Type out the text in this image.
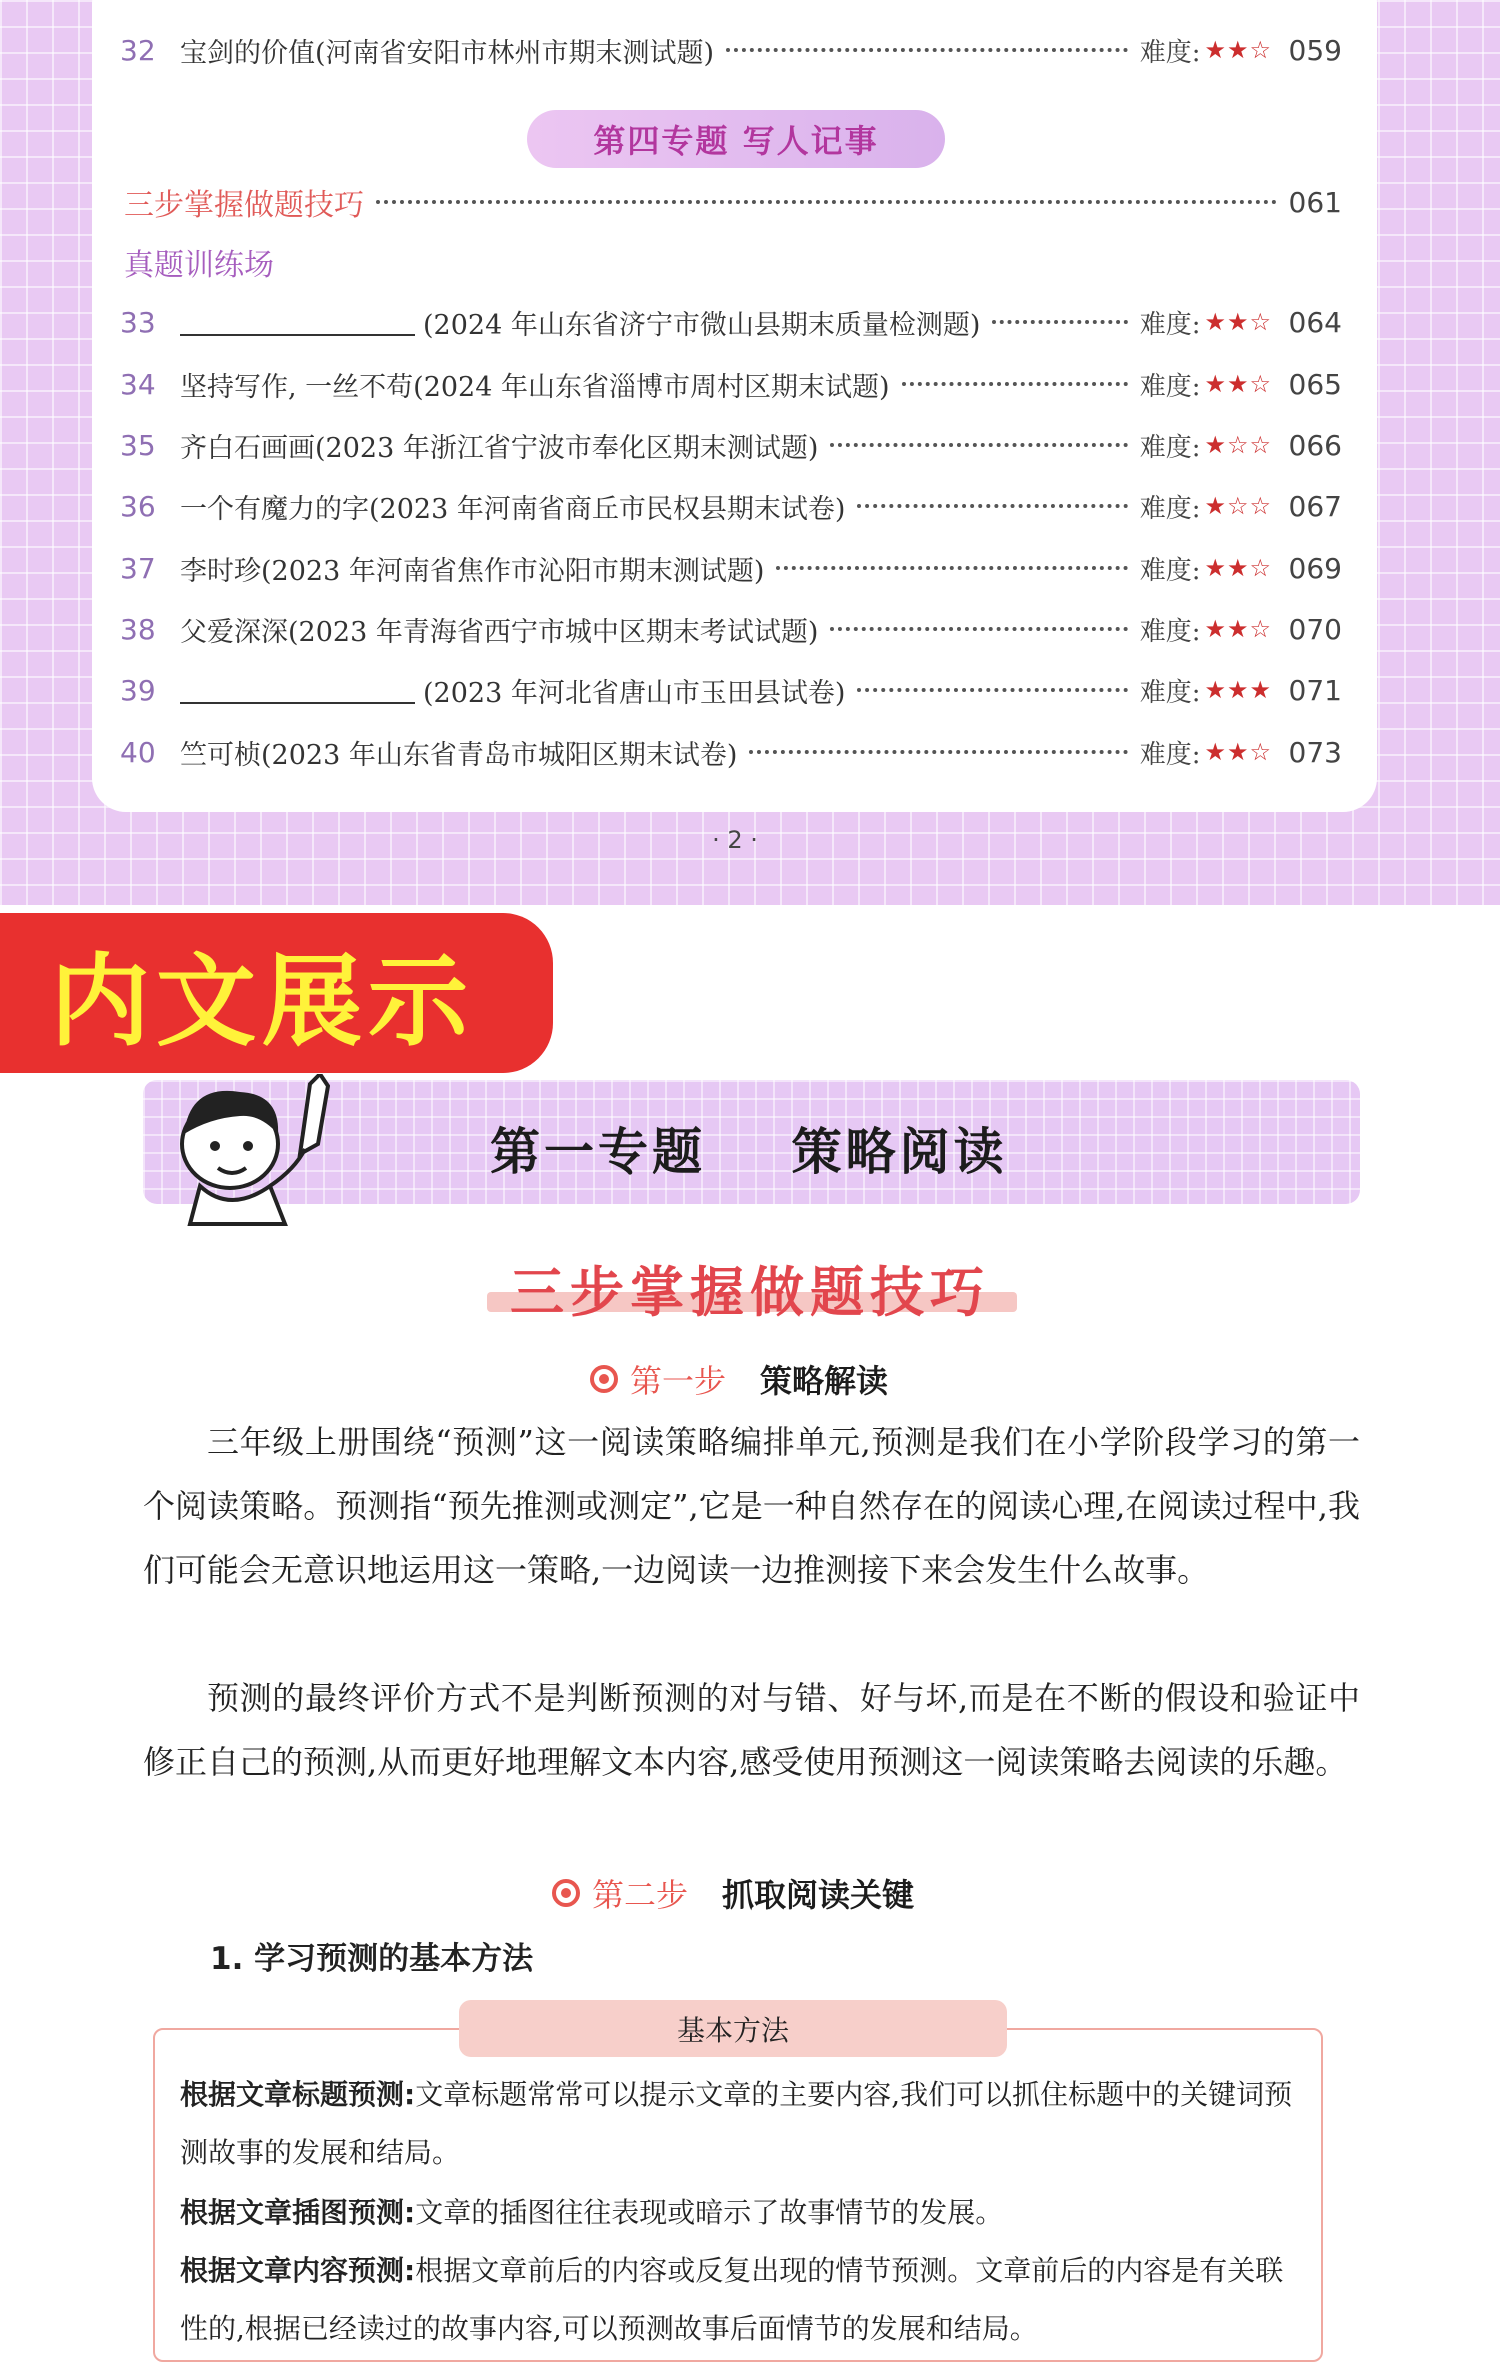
32 宝剑的价值(河南省安阳市林州市期末测试题)	难度: ★★☆ 059
第四专题 写人记事
三步掌握做题技巧	061
真题训练场
33	(2024 年山东省济宁市微山县期末质量检测题)	难度: ★★☆ 064
34 坚持写作, 一丝不苟(2024 年山东省淄博市周村区期末试题)	难度: ★★☆ 065
35 齐白石画画(2023 年浙江省宁波市奉化区期末测试题)	难度: ★☆☆ 066
36 一个有魔力的字(2023 年河南省商丘市民权县期末试卷)	难度: ★☆☆ 067
37 李时珍(2023 年河南省焦作市沁阳市期末测试题)	难度: ★★☆ 069
38 父爱深深(2023 年青海省西宁市城中区期末考试试题)	难度: ★★☆ 070
39	(2023 年河北省唐山市玉田县试卷)	难度: ★★★ 071
40 竺可桢(2023 年山东省青岛市城阳区期末试卷)	难度: ★★☆ 073
· 2 ·
内文展示
第一专题    策略阅读
三步掌握做题技巧
第一步 策略解读
三年级上册围绕“预测”这一阅读策略编排单元,预测是我们在小学阶段学习的第一个阅读策略。预测指“预先推测或测定”,它是一种自然存在的阅读心理,在阅读过程中,我们可能会无意识地运用这一策略,一边阅读一边推测接下来会发生什么故事。
预测的最终评价方式不是判断预测的对与错、好与坏,而是在不断的假设和验证中修正自己的预测,从而更好地理解文本内容,感受使用预测这一阅读策略去阅读的乐趣。
第二步 抓取阅读关键
1. 学习预测的基本方法
基本方法
根据文章标题预测:文章标题常常可以提示文章的主要内容,我们可以抓住标题中的关键词预测故事的发展和结局。
根据文章插图预测:文章的插图往往表现或暗示了故事情节的发展。
根据文章内容预测:根据文章前后的内容或反复出现的情节预测。文章前后的内容是有关联性的,根据已经读过的故事内容,可以预测故事后面情节的发展和结局。
